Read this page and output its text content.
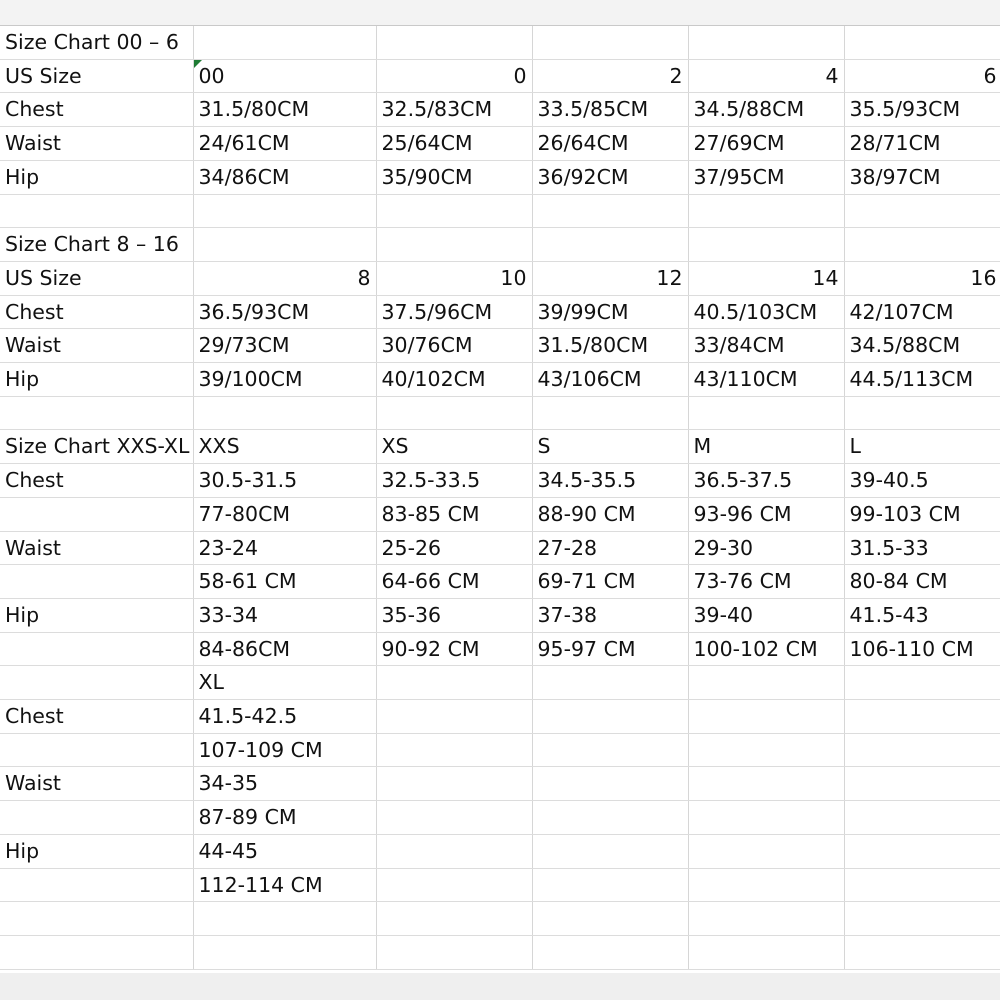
Size Chart 00 – 6					
US Size	00	0	2	4	6
Chest	31.5/80CM	32.5/83CM	33.5/85CM	34.5/88CM	35.5/93CM
Waist	24/61CM	25/64CM	26/64CM	27/69CM	28/71CM
Hip	34/86CM	35/90CM	36/92CM	37/95CM	38/97CM

Size Chart 8 – 16					
US Size	8	10	12	14	16
Chest	36.5/93CM	37.5/96CM	39/99CM	40.5/103CM	42/107CM
Waist	29/73CM	30/76CM	31.5/80CM	33/84CM	34.5/88CM
Hip	39/100CM	40/102CM	43/106CM	43/110CM	44.5/113CM

Size Chart XXS-XL	XXS	XS	S	M	L
Chest	30.5-31.5	32.5-33.5	34.5-35.5	36.5-37.5	39-40.5
	77-80CM	83-85 CM	88-90 CM	93-96 CM	99-103 CM
Waist	23-24	25-26	27-28	29-30	31.5-33
	58-61 CM	64-66 CM	69-71 CM	73-76 CM	80-84 CM
Hip	33-34	35-36	37-38	39-40	41.5-43
	84-86CM	90-92 CM	95-97 CM	100-102 CM	106-110 CM
	XL				
Chest	41.5-42.5				
	107-109 CM				
Waist	34-35				
	87-89 CM				
Hip	44-45				
	112-114 CM				
